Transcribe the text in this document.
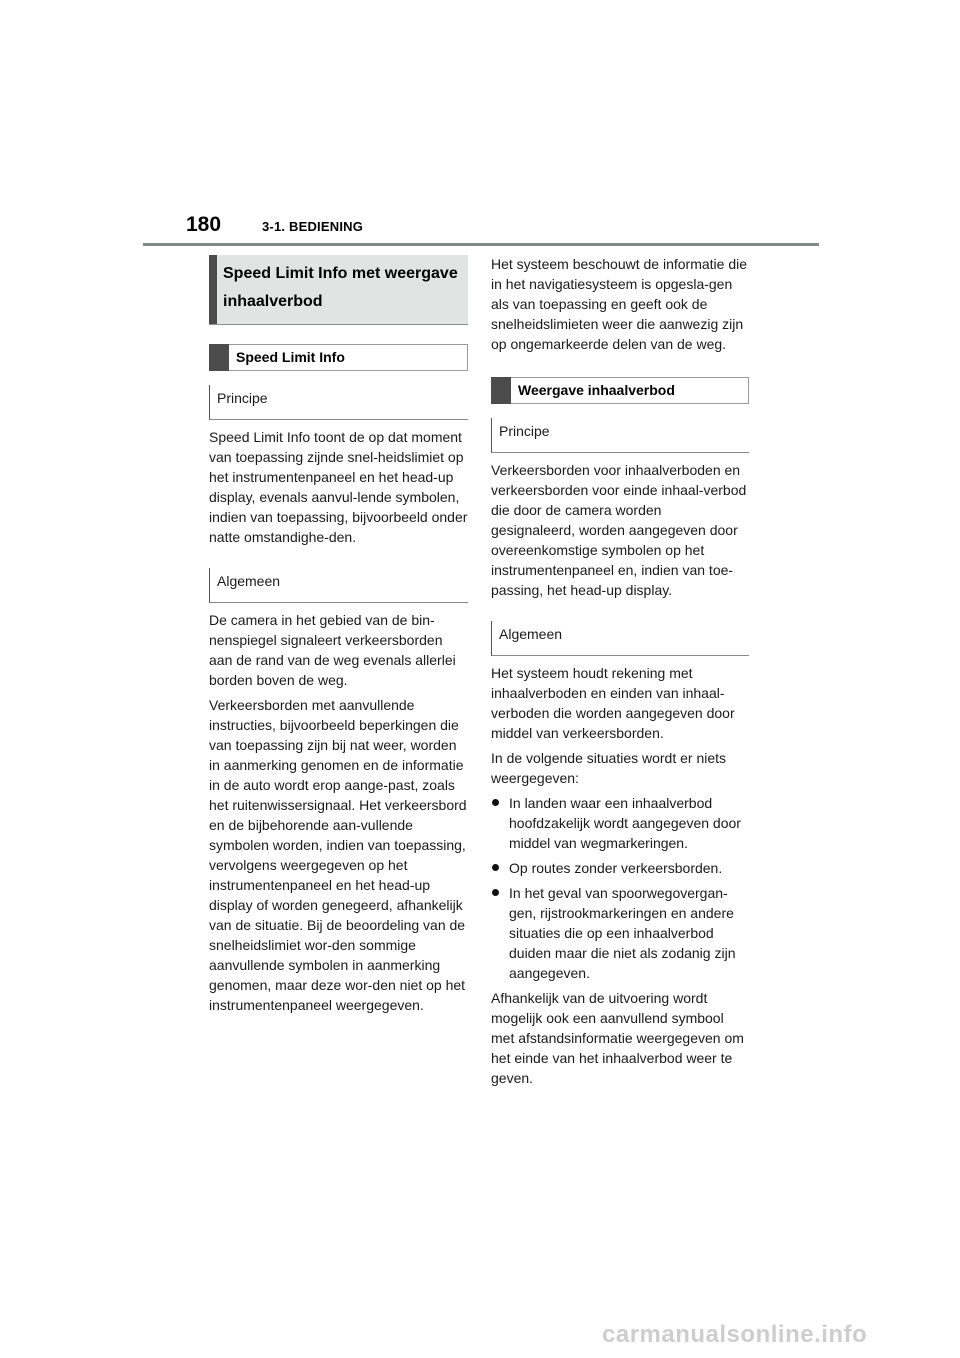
180	3-1. BEDIENING
Speed Limit Info met weergave inhaalverbod
Speed Limit Info
Principe

Speed Limit Info toont de op dat moment van toepassing zijnde snel-heidslimiet op het instrumentenpaneel en het head-up display, evenals aanvul-lende symbolen, indien van toepassing, bijvoorbeeld onder natte omstandighe-den.

Algemeen

De camera in het gebied van de bin-nenspiegel signaleert verkeersborden aan de rand van de weg evenals allerlei borden boven de weg.

Verkeersborden met aanvullende instructies, bijvoorbeeld beperkingen die van toepassing zijn bij nat weer, worden in aanmerking genomen en de informatie in de auto wordt erop aange-past, zoals het ruitenwissersignaal. Het verkeersbord en de bijbehorende aan-vullende symbolen worden, indien van toepassing, vervolgens weergegeven op het instrumentenpaneel en het head-up display of worden genegeerd, afhankelijk van de situatie. Bij de beoordeling van de snelheidslimiet wor-den sommige aanvullende symbolen in aanmerking genomen, maar deze wor-den niet op het instrumentenpaneel weergegeven.

Het systeem beschouwt de informatie die in het navigatiesysteem is opgesla-gen als van toepassing en geeft ook de snelheidslimieten weer die aanwezig zijn op ongemarkeerde delen van de weg.

Weergave inhaalverbod
Principe

Verkeersborden voor inhaalverboden en verkeersborden voor einde inhaal-verbod die door de camera worden gesignaleerd, worden aangegeven door overeenkomstige symbolen op het instrumentenpaneel en, indien van toe-passing, het head-up display.

Algemeen

Het systeem houdt rekening met inhaalverboden en einden van inhaal-verboden die worden aangegeven door middel van verkeersborden.

In de volgende situaties wordt er niets weergegeven:

In landen waar een inhaalverbod hoofdzakelijk wordt aangegeven door middel van wegmarkeringen.
Op routes zonder verkeersborden.
In het geval van spoorwegovergan-gen, rijstrookmarkeringen en andere situaties die op een inhaalverbod duiden maar die niet als zodanig zijn aangegeven.

Afhankelijk van de uitvoering wordt mogelijk ook een aanvullend symbool met afstandsinformatie weergegeven om het einde van het inhaalverbod weer te geven.

carmanualsonline.info
